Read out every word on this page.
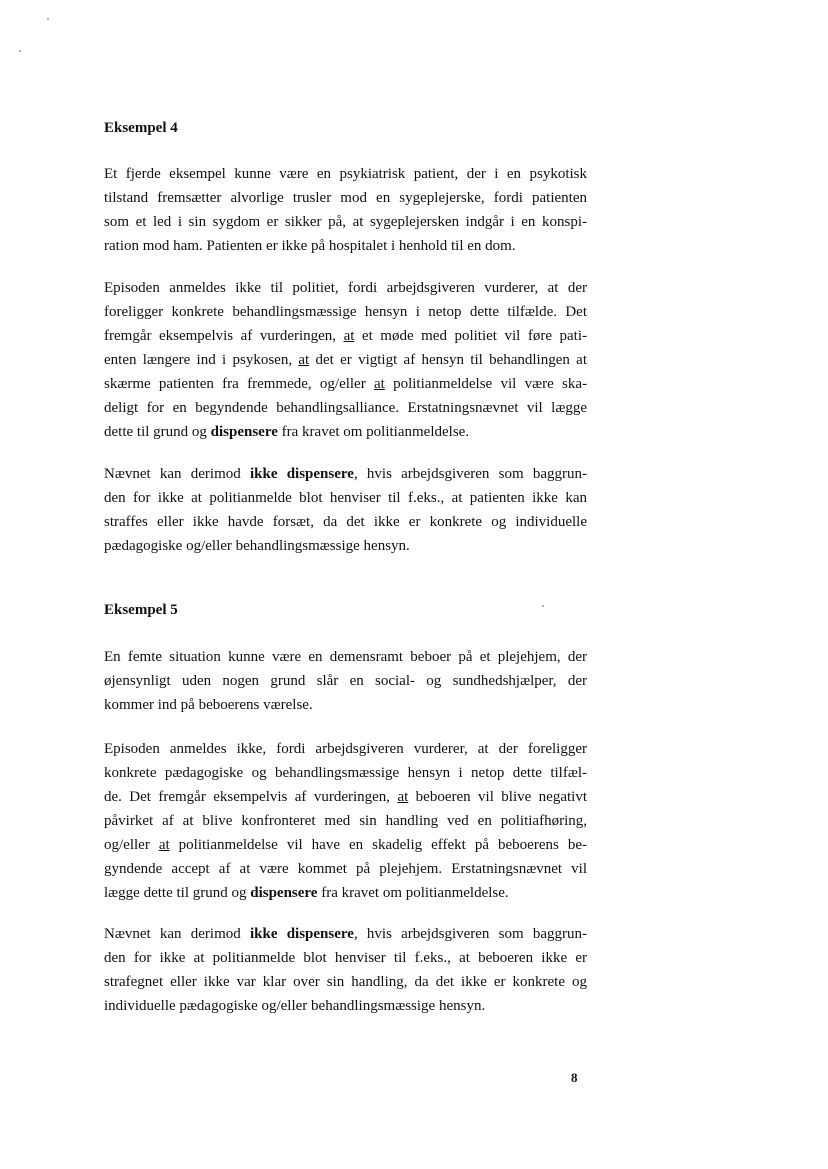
Eksempel 4

Et fjerde eksempel kunne være en psykiatrisk patient, der i en psykotisk
tilstand fremsætter alvorlige trusler mod en sygeplejerske, fordi patienten
som et led i sin sygdom er sikker på, at sygeplejersken indgår i en konspi-
ration mod ham. Patienten er ikke på hospitalet i henhold til en dom.

Episoden anmeldes ikke til politiet, fordi arbejdsgiveren vurderer, at der
foreligger konkrete behandlingsmæssige hensyn i netop dette tilfælde. Det
fremgår eksempelvis af vurderingen, at et møde med politiet vil føre pati-
enten længere ind i psykosen, at det er vigtigt af hensyn til behandlingen at
skærme patienten fra fremmede, og/eller at politianmeldelse vil være ska-
deligt for en begyndende behandlingsalliance. Erstatningsnævnet vil lægge
dette til grund og dispensere fra kravet om politianmeldelse.

Nævnet kan derimod ikke dispensere, hvis arbejdsgiveren som baggrun-
den for ikke at politianmelde blot henviser til f.eks., at patienten ikke kan
straffes eller ikke havde forsæt, da det ikke er konkrete og individuelle
pædagogiske og/eller behandlingsmæssige hensyn.

Eksempel 5

En femte situation kunne være en demensramt beboer på et plejehjem, der
øjensynligt uden nogen grund slår en social- og sundhedshjælper, der
kommer ind på beboerens værelse.

Episoden anmeldes ikke, fordi arbejdsgiveren vurderer, at der foreligger
konkrete pædagogiske og behandlingsmæssige hensyn i netop dette tilfæl-
de. Det fremgår eksempelvis af vurderingen, at beboeren vil blive negativt
påvirket af at blive konfronteret med sin handling ved en politiafhøring,
og/eller at politianmeldelse vil have en skadelig effekt på beboerens be-
gyndende accept af at være kommet på plejehjem. Erstatningsnævnet vil
lægge dette til grund og dispensere fra kravet om politianmeldelse.

Nævnet kan derimod ikke dispensere, hvis arbejdsgiveren som baggrun-
den for ikke at politianmelde blot henviser til f.eks., at beboeren ikke er
strafegnet eller ikke var klar over sin handling, da det ikke er konkrete og
individuelle pædagogiske og/eller behandlingsmæssige hensyn.

8
